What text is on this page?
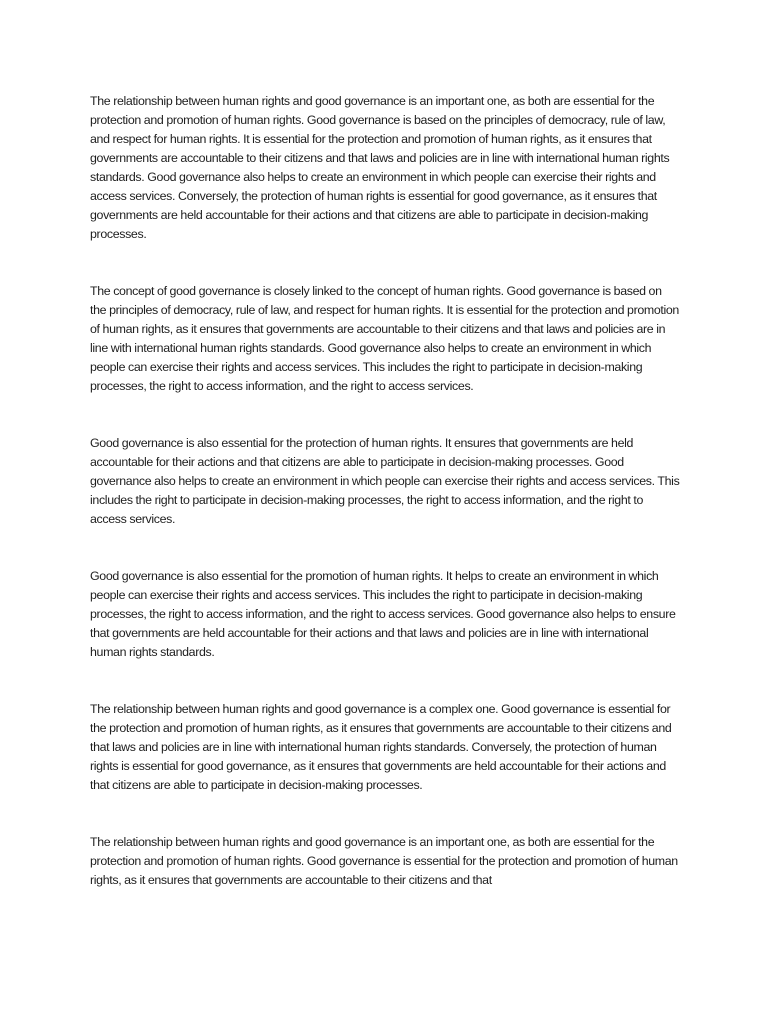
The relationship between human rights and good governance is an important one, as both are essential for the protection and promotion of human rights. Good governance is based on the principles of democracy, rule of law, and respect for human rights. It is essential for the protection and promotion of human rights, as it ensures that governments are accountable to their citizens and that laws and policies are in line with international human rights standards. Good governance also helps to create an environment in which people can exercise their rights and access services. Conversely, the protection of human rights is essential for good governance, as it ensures that governments are held accountable for their actions and that citizens are able to participate in decision-making processes.

The concept of good governance is closely linked to the concept of human rights. Good governance is based on the principles of democracy, rule of law, and respect for human rights. It is essential for the protection and promotion of human rights, as it ensures that governments are accountable to their citizens and that laws and policies are in line with international human rights standards. Good governance also helps to create an environment in which people can exercise their rights and access services. This includes the right to participate in decision-making processes, the right to access information, and the right to access services.

Good governance is also essential for the protection of human rights. It ensures that governments are held accountable for their actions and that citizens are able to participate in decision-making processes. Good governance also helps to create an environment in which people can exercise their rights and access services. This includes the right to participate in decision-making processes, the right to access information, and the right to access services.

Good governance is also essential for the promotion of human rights. It helps to create an environment in which people can exercise their rights and access services. This includes the right to participate in decision-making processes, the right to access information, and the right to access services. Good governance also helps to ensure that governments are held accountable for their actions and that laws and policies are in line with international human rights standards.

The relationship between human rights and good governance is a complex one. Good governance is essential for the protection and promotion of human rights, as it ensures that governments are accountable to their citizens and that laws and policies are in line with international human rights standards. Conversely, the protection of human rights is essential for good governance, as it ensures that governments are held accountable for their actions and that citizens are able to participate in decision-making processes.

The relationship between human rights and good governance is an important one, as both are essential for the protection and promotion of human rights. Good governance is essential for the protection and promotion of human rights, as it ensures that governments are accountable to their citizens and that
